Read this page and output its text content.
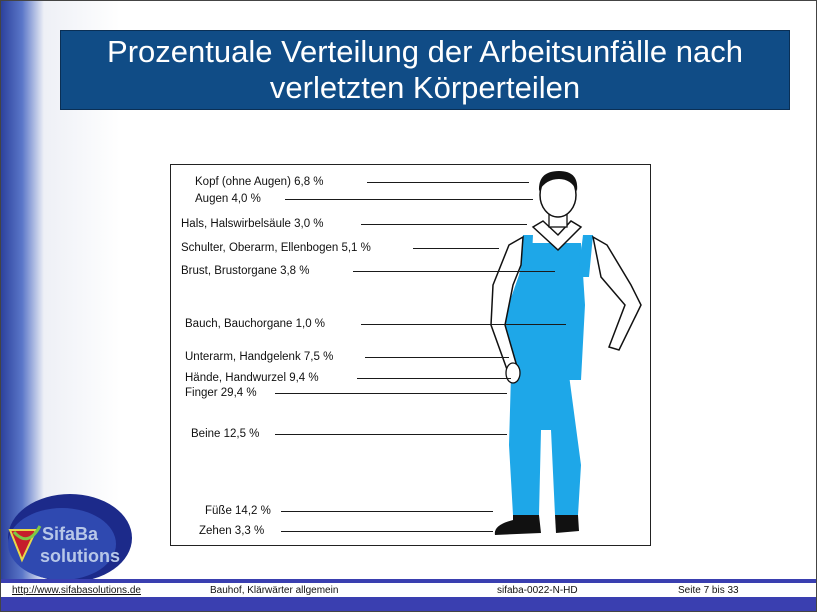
Prozentuale Verteilung der Arbeitsunfälle nach
verletzten Körperteilen
Kopf (ohne Augen) 6,8 %
Augen 4,0 %
Hals, Halswirbelsäule 3,0 %
Schulter, Oberarm, Ellenbogen 5,1 %
Brust, Brustorgane 3,8 %
Bauch, Bauchorgane 1,0 %
Unterarm, Handgelenk 7,5 %
Hände, Handwurzel 9,4 %
Finger 29,4 %
Beine 12,5 %
Füße 14,2 %
Zehen 3,3 %
SifaBa
solutions
http://www.sifabasolutions.de	Bauhof, Klärwärter allgemein	sifaba-0022-N-HD	Seite 7 bis 33
